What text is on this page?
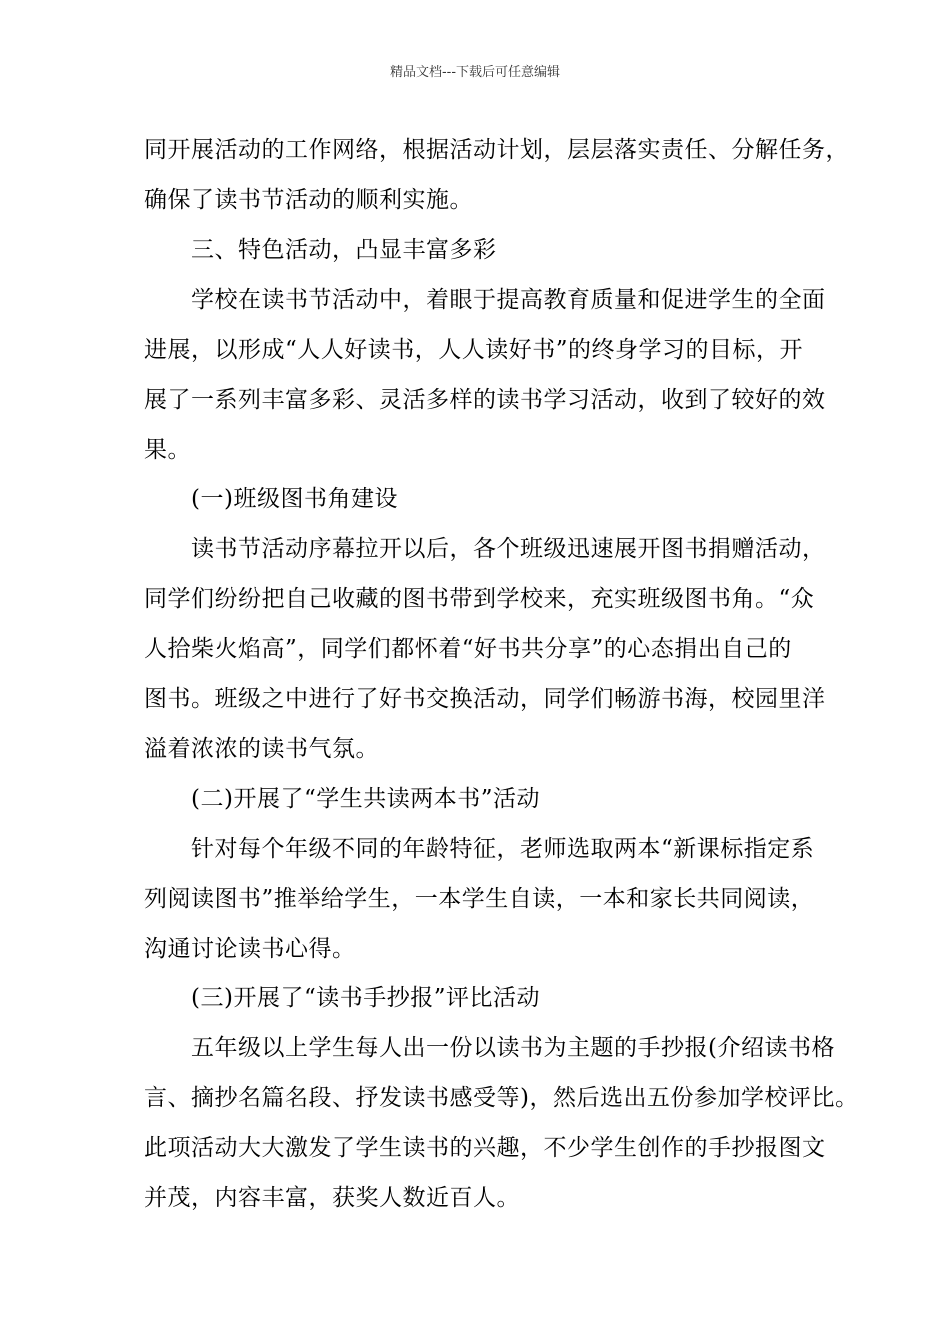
精品文档---下载后可任意编辑
同开展活动的工作网络，根据活动计划，层层落实责任、分解任务，
确保了读书节活动的顺利实施。
三、特色活动，凸显丰富多彩
学校在读书节活动中，着眼于提高教育质量和促进学生的全面
进展，以形成“人人好读书，人人读好书”的终身学习的目标，开
展了一系列丰富多彩、灵活多样的读书学习活动，收到了较好的效
果。
(一)班级图书角建设
读书节活动序幕拉开以后，各个班级迅速展开图书捐赠活动，
同学们纷纷把自己收藏的图书带到学校来，充实班级图书角。“众
人拾柴火焰高”，同学们都怀着“好书共分享”的心态捐出自己的
图书。班级之中进行了好书交换活动，同学们畅游书海，校园里洋
溢着浓浓的读书气氛。
(二)开展了“学生共读两本书”活动
针对每个年级不同的年龄特征，老师选取两本“新课标指定系
列阅读图书”推举给学生，一本学生自读，一本和家长共同阅读，
沟通讨论读书心得。
(三)开展了“读书手抄报”评比活动
五年级以上学生每人出一份以读书为主题的手抄报(介绍读书格
言、摘抄名篇名段、抒发读书感受等)，然后选出五份参加学校评比。
此项活动大大激发了学生读书的兴趣，不少学生创作的手抄报图文
并茂，内容丰富，获奖人数近百人。
